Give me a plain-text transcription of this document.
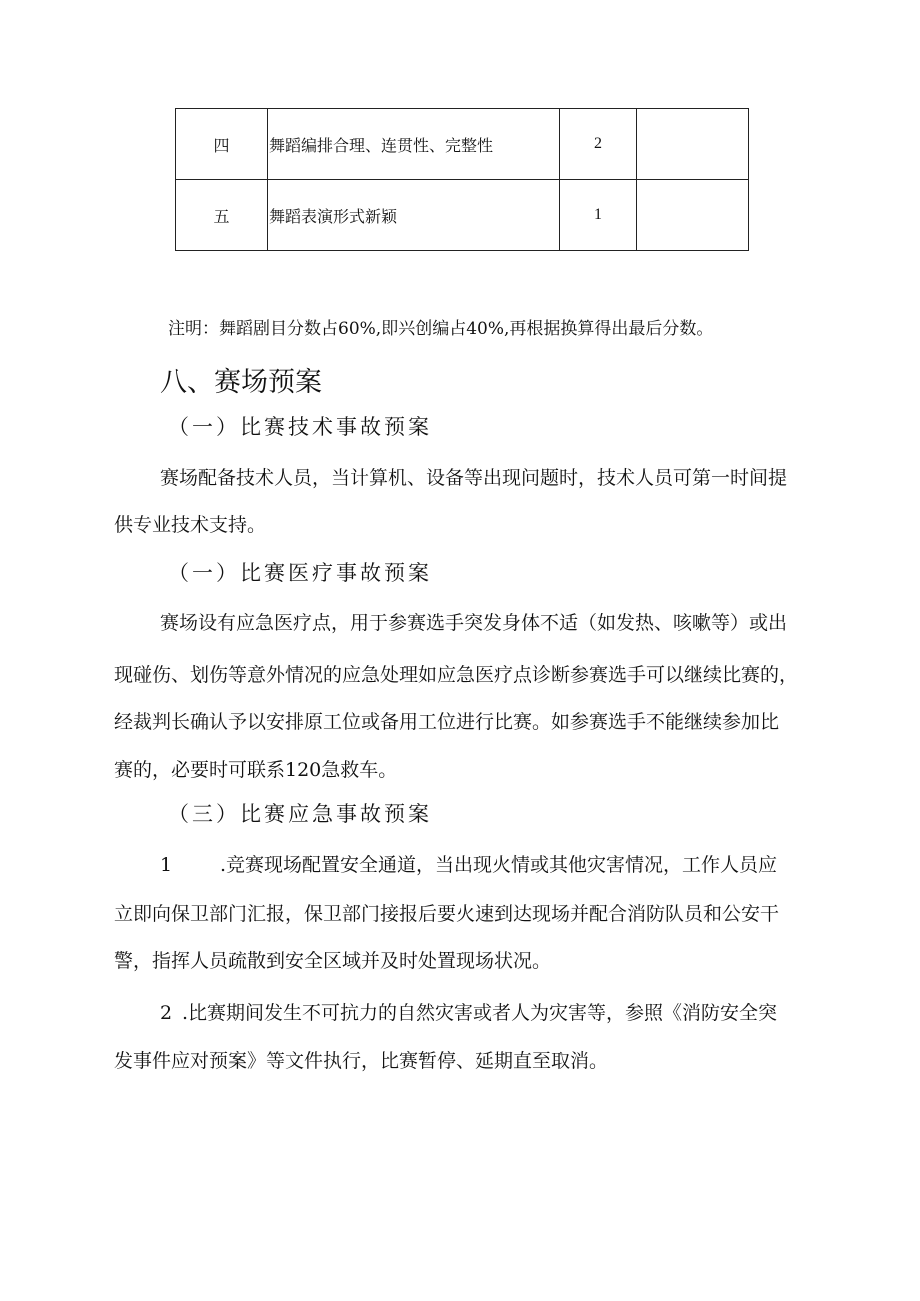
四	舞蹈编排合理、连贯性、完整性	2	
五	舞蹈表演形式新颖	1	
注明：舞蹈剧目分数占60%,即兴创编占40%,再根据换算得出最后分数。
八、赛场预案
（一）比赛技术事故预案
赛场配备技术人员，当计算机、设备等出现问题时，技术人员可第一时间提
供专业技术支持。
（一）比赛医疗事故预案
赛场设有应急医疗点，用于参赛选手突发身体不适（如发热、咳嗽等）或出
现碰伤、划伤等意外情况的应急处理如应急医疗点诊断参赛选手可以继续比赛的，
经裁判长确认予以安排原工位或备用工位进行比赛。如参赛选手不能继续参加比
赛的，必要时可联系120急救车。
（三）比赛应急事故预案
1	.竞赛现场配置安全通道，当出现火情或其他灾害情况，工作人员应
立即向保卫部门汇报，保卫部门接报后要火速到达现场并配合消防队员和公安干
警，指挥人员疏散到安全区域并及时处置现场状况。
2 .比赛期间发生不可抗力的自然灾害或者人为灾害等，参照《消防安全突
发事件应对预案》等文件执行，比赛暂停、延期直至取消。
